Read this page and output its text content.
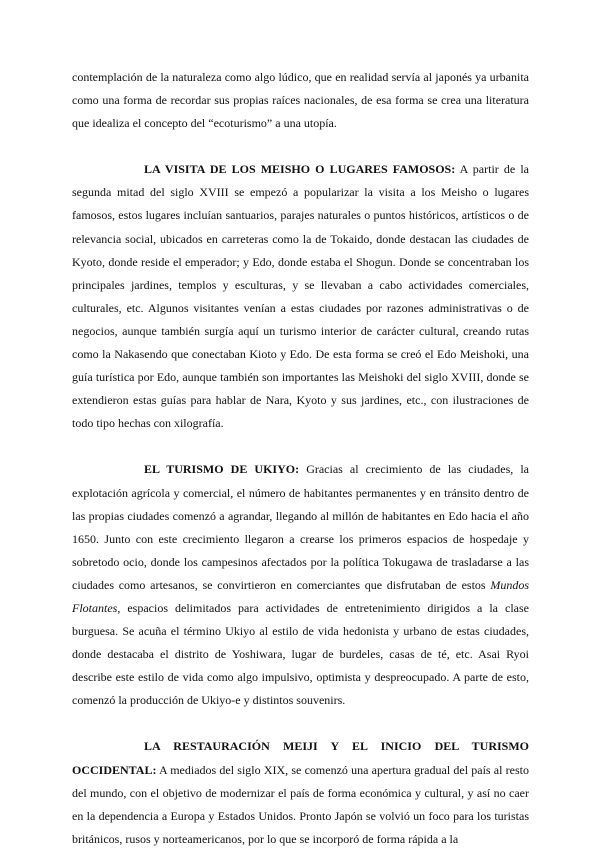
contemplación de la naturaleza como algo lúdico, que en realidad servía al japonés ya urbanita como una forma de recordar sus propias raíces nacionales, de esa forma se crea una literatura que idealiza el concepto del “ecoturismo” a una utopía.

LA VISITA DE LOS MEISHO O LUGARES FAMOSOS: A partir de la segunda mitad del siglo XVIII se empezó a popularizar la visita a los Meisho o lugares famosos, estos lugares incluían santuarios, parajes naturales o puntos históricos, artísticos o de relevancia social, ubicados en carreteras como la de Tokaido, donde destacan las ciudades de Kyoto, donde reside el emperador; y Edo, donde estaba el Shogun. Donde se concentraban los principales jardines, templos y esculturas, y se llevaban a cabo actividades comerciales, culturales, etc. Algunos visitantes venían a estas ciudades por razones administrativas o de negocios, aunque también surgía aquí un turismo interior de carácter cultural, creando rutas como la Nakasendo que conectaban Kioto y Edo. De esta forma se creó el Edo Meishoki, una guía turística por Edo, aunque también son importantes las Meishoki del siglo XVIII, donde se extendieron estas guías para hablar de Nara, Kyoto y sus jardines, etc., con ilustraciones de todo tipo hechas con xilografía.

EL TURISMO DE UKIYO: Gracias al crecimiento de las ciudades, la explotación agrícola y comercial, el número de habitantes permanentes y en tránsito dentro de las propias ciudades comenzó a agrandar, llegando al millón de habitantes en Edo hacia el año 1650. Junto con este crecimiento llegaron a crearse los primeros espacios de hospedaje y sobretodo ocio, donde los campesinos afectados por la política Tokugawa de trasladarse a las ciudades como artesanos, se convirtieron en comerciantes que disfrutaban de estos Mundos Flotantes, espacios delimitados para actividades de entretenimiento dirigidos a la clase burguesa. Se acuña el término Ukiyo al estilo de vida hedonista y urbano de estas ciudades, donde destacaba el distrito de Yoshiwara, lugar de burdeles, casas de té, etc. Asai Ryoi describe este estilo de vida como algo impulsivo, optimista y despreocupado. A parte de esto, comenzó la producción de Ukiyo-e y distintos souvenirs.

LA RESTAURACIÓN MEIJI Y EL INICIO DEL TURISMO OCCIDENTAL: A mediados del siglo XIX, se comenzó una apertura gradual del país al resto del mundo, con el objetivo de modernizar el país de forma económica y cultural, y así no caer en la dependencia a Europa y Estados Unidos. Pronto Japón se volvió un foco para los turistas británicos, rusos y norteamericanos, por lo que se incorporó de forma rápida a la
